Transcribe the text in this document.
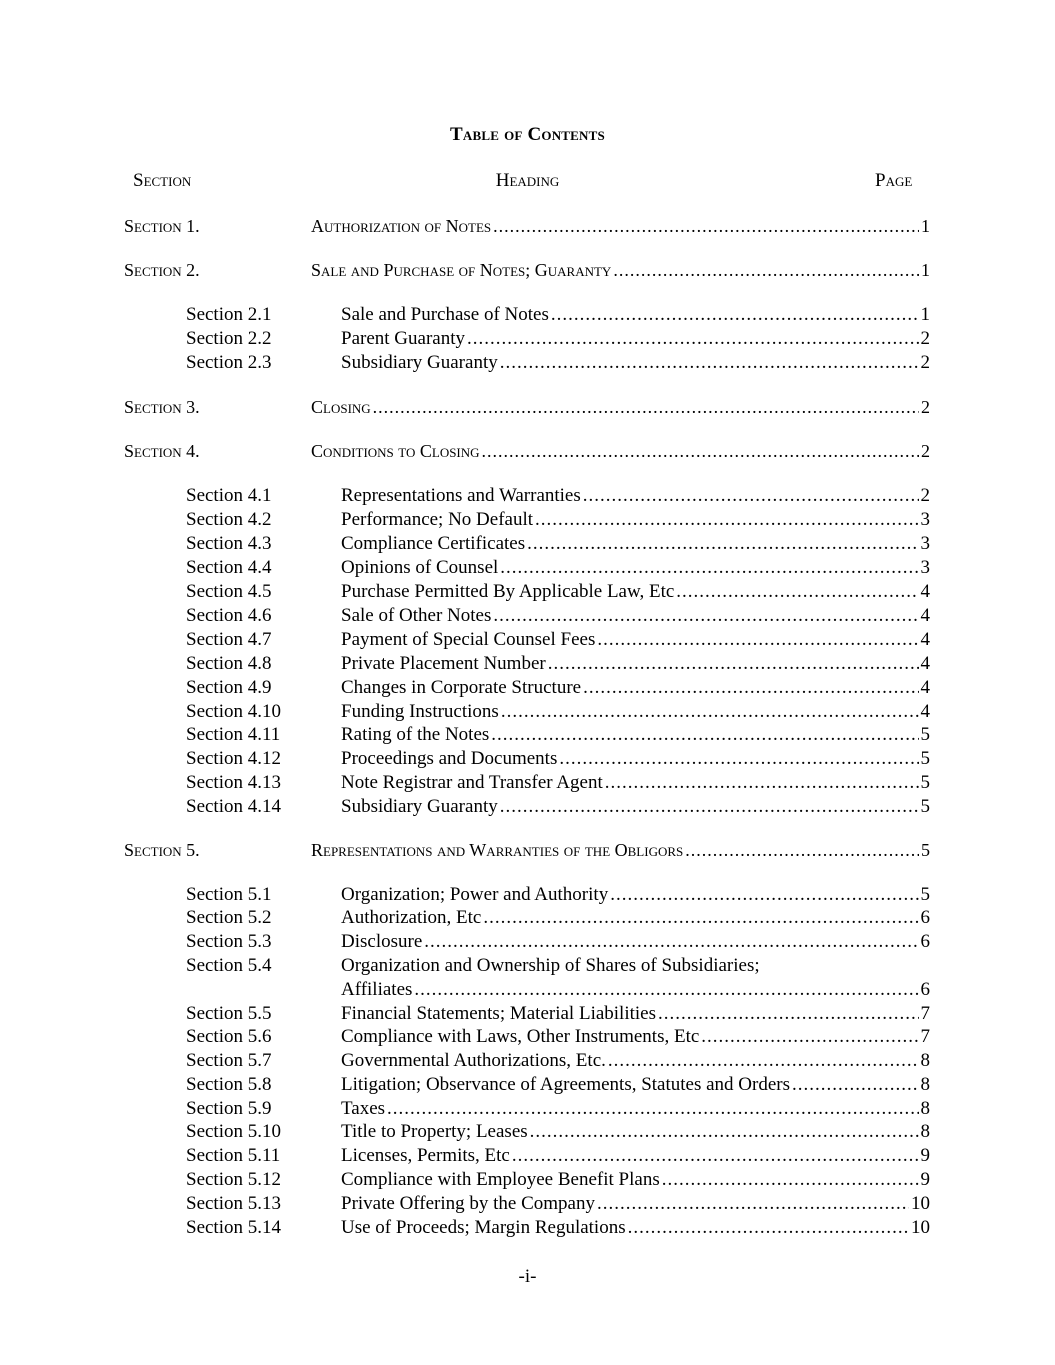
Table of Contents
Section	Heading	Page
Section 1.	Authorization of Notes .....	1
Section 2.	Sale and Purchase of Notes; Guaranty .....	1
Section 2.1	Sale and Purchase of Notes .....	1
Section 2.2	Parent Guaranty .....	2
Section 2.3	Subsidiary Guaranty .....	2
Section 3.	Closing .....	2
Section 4.	Conditions to Closing .....	2
Section 4.1	Representations and Warranties .....	2
Section 4.2	Performance; No Default .....	3
Section 4.3	Compliance Certificates .....	3
Section 4.4	Opinions of Counsel .....	3
Section 4.5	Purchase Permitted By Applicable Law, Etc .....	4
Section 4.6	Sale of Other Notes .....	4
Section 4.7	Payment of Special Counsel Fees .....	4
Section 4.8	Private Placement Number .....	4
Section 4.9	Changes in Corporate Structure .....	4
Section 4.10	Funding Instructions .....	4
Section 4.11	Rating of the Notes .....	5
Section 4.12	Proceedings and Documents .....	5
Section 4.13	Note Registrar and Transfer Agent .....	5
Section 4.14	Subsidiary Guaranty .....	5
Section 5.	Representations and Warranties of the Obligors .....	5
Section 5.1	Organization; Power and Authority .....	5
Section 5.2	Authorization, Etc .....	6
Section 5.3	Disclosure .....	6
Section 5.4	Organization and Ownership of Shares of Subsidiaries;
Affiliates .....	6
Section 5.5	Financial Statements; Material Liabilities .....	7
Section 5.6	Compliance with Laws, Other Instruments, Etc .....	7
Section 5.7	Governmental Authorizations, Etc. .....	8
Section 5.8	Litigation; Observance of Agreements, Statutes and Orders .....	8
Section 5.9	Taxes .....	8
Section 5.10	Title to Property; Leases .....	8
Section 5.11	Licenses, Permits, Etc .....	9
Section 5.12	Compliance with Employee Benefit Plans .....	9
Section 5.13	Private Offering by the Company .....	10
Section 5.14	Use of Proceeds; Margin Regulations .....	10
-i-
